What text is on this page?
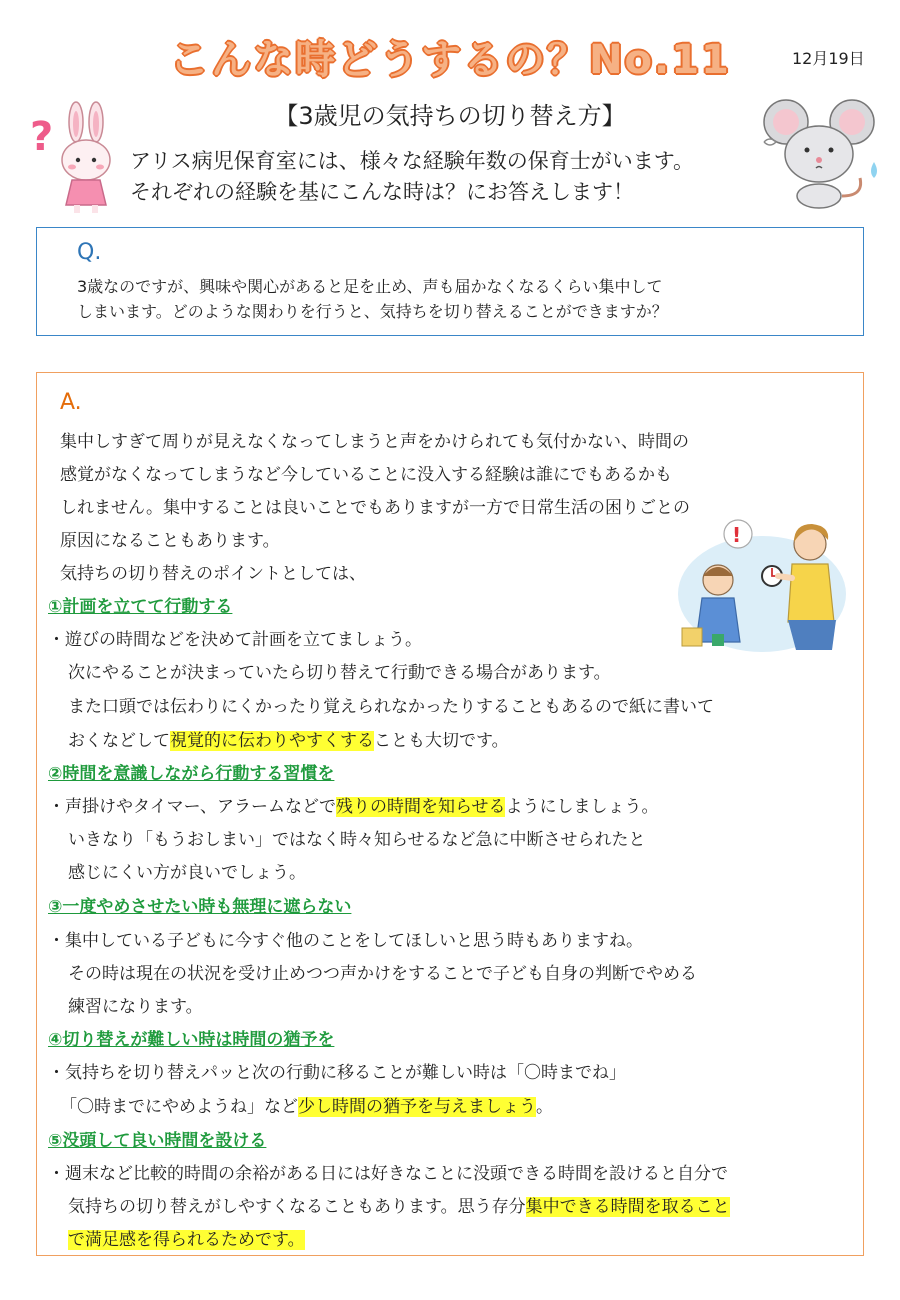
こんな時どうするの？No.11	12月19日
【3歳児の気持ちの切り替え方】
アリス病児保育室には、様々な経験年数の保育士がいます。
それぞれの経験を基にこんな時は？にお答えします！
?
Q.
3歳なのですが、興味や関心があると足を止め、声も届かなくなるくらい集中して
しまいます。どのような関わりを行うと、気持ちを切り替えることができますか？
A.
集中しすぎて周りが見えなくなってしまうと声をかけられても気付かない、時間の
感覚がなくなってしまうなど今していることに没入する経験は誰にでもあるかも
しれません。集中することは良いことでもありますが一方で日常生活の困りごとの
原因になることもあります。
気持ちの切り替えのポイントとしては、
!
①計画を立てて行動する
・遊びの時間などを決めて計画を立てましょう。
次にやることが決まっていたら切り替えて行動できる場合があります。
また口頭では伝わりにくかったり覚えられなかったりすることもあるので紙に書いて
おくなどして視覚的に伝わりやすくすることも大切です。
②時間を意識しながら行動する習慣を
・声掛けやタイマー、アラームなどで残りの時間を知らせるようにしましょう。
いきなり「もうおしまい」ではなく時々知らせるなど急に中断させられたと
感じにくい方が良いでしょう。
③一度やめさせたい時も無理に遮らない
・集中している子どもに今すぐ他のことをしてほしいと思う時もありますね。
その時は現在の状況を受け止めつつ声かけをすることで子ども自身の判断でやめる
練習になります。
④切り替えが難しい時は時間の猶予を
・気持ちを切り替えパッと次の行動に移ることが難しい時は「〇時までね」
「〇時までにやめようね」など少し時間の猶予を与えましょう。
⑤没頭して良い時間を設ける
・週末など比較的時間の余裕がある日には好きなことに没頭できる時間を設けると自分で
気持ちの切り替えがしやすくなることもあります。思う存分集中できる時間を取ること
で満足感を得られるためです。
